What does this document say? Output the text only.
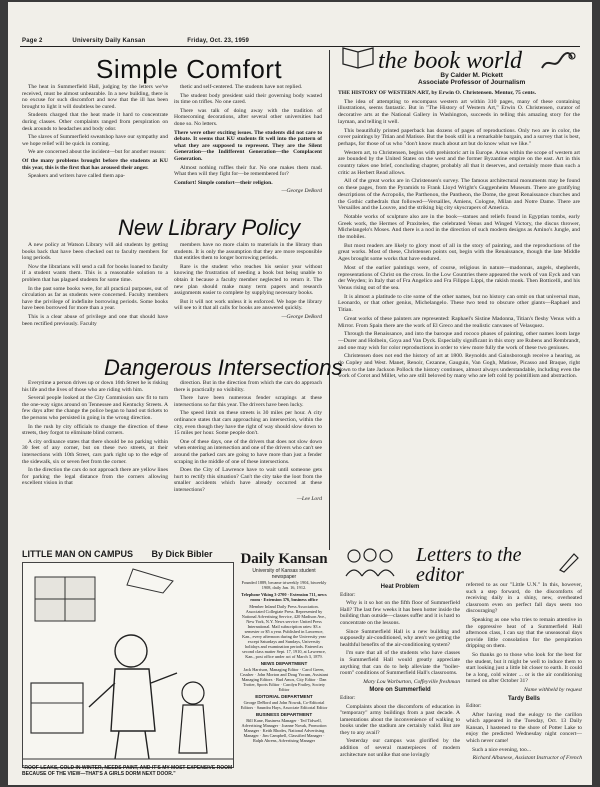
Page 2	University Daily Kansan	Friday, Oct. 23, 1959
Simple Comfort

The heat in Summerfield Hall, judging by the letters we've received, must be almost unbearable. In a new building, there is no excuse for such discomfort and now that the ill has been brought to light it will doubtless be cured.

Students charged that the heat made it hard to concentrate during classes. Other complaints ranged from perspiration on desk arounds to headaches and body odor.

The slaves of Summerfield sweatshop have our sympathy and we hope relief will be quick in coming.

We are concerned about the incident—but for another reason:

Of the many problems brought before the students at KU this year, this is the first that has aroused their anger.

Speakers and writers have called them apa-

thetic and self-centered. The students have not replied.

The student body president said their governing body wasted its time on trifles. No one cared.

There was talk of doing away with the tradition of Homecoming decorations, after several other universities had done so. No letters.

There were other exciting issues. The students did not care to debate. It seems that KU students fit well into the pattern of what they are supposed to represent. They are the Silent Generation—the Indifferent Generation—the Complacent Generation.

Almost nothing ruffles their fur. No one makes them mad. What then will they fight for—be remembered for?

Comfort! Simple comfort—their religion.

—George DeBord

New Library Policy

A new policy at Watson Library will aid students by getting books back that have been checked out to faculty members for long periods.

Now the librarians will send a call for books loaned to faculty if a student wants them. This is a reasonable solution to a problem that has plagued students for some time.

In the past some books were, for all practical purposes, out of circulation as far as students were concerned. Faculty members have the privilege of indefinite borrowing periods. Some books have been borrowed for more than a year.

This is a clear abuse of privilege and one that should have been rectified previously. Faculty

members have no more claim to materials in the library than students. It is only the assumption that they are more responsible that entitles them to longer borrowing periods.

Rare is the student who reaches his senior year without knowing the frustration of needing a book but being unable to obtain it because a faculty member neglected to return it. The new plan should make many term papers and research assignments easier to complete by supplying necessary books.

But it will not work unless it is enforced. We hope the library will see to it that all calls for books are answered quickly.

—George DeBord

Dangerous Intersections

Everytime a person drives up or down 16th Street he is risking his life and the lives of those who are riding with him.

Several people looked at the City Commission saw fit to turn the one-way signs around on Tennessee and Kentucky Streets. A few days after the change the police began to hand out tickets to the persons who persisted in going in the wrong direction.

In the rush by city officials to change the direction of these streets, they forgot to eliminate blind corners.

A city ordinance states that there should be no parking within 30 feet of any corner, but on these two streets, at their intersections with 10th Street, cars park right up to the edge of the sidewalk, six or seven feet from the corner.

In the direction the cars do not approach there are yellow lines for parking the legal distance from the corners allowing excellent vision in that

direction. But in the direction from which the cars do approach there is practically no visibility.

There have been numerous fender scrapings at these intersections so far this year. The drivers have been lucky.

The speed limit on these streets is 30 miles per hour. A city ordinance states that cars approaching an intersection, within the city, even though they have the right of way should slow down to 15 miles per hour. Some people don't.

One of these days, one of the drivers that does not slow down when entering an intersection and one of the drivers who can't see around the parked cars are going to have more than just a fender scraping in the middle of one of these intersections.

Does the City of Lawrence have to wait until someone gets hurt to rectify this situation? Can't the city take the loot from the smaller accidents which have already occurred at these intersections?

—Lee Lord

the book world
By Calder M. Pickett
Associate Professor of Journalism

THE HISTORY OF WESTERN ART, by Erwin O. Christensen. Mentor, 75 cents.

The idea of attempting to encompass western art within 310 pages, many of these containing illustrations, seems fantastic. But in "The History of Western Art," Erwin O. Christensen, curator of decorative arts at the National Gallery in Washington, succeeds in telling this amazing story for the layman, and telling it well.

This beautifully printed paperback has dozens of pages of reproductions. Only two are in color, the cover paintings by Titian and Matisse. But the book still is a remarkable bargain, and a survey that is best, perhaps, for those of us who "don't know much about art but do know what we like."

Western art, to Christensen, begins with prehistoric art in Europe. Areas within the scope of western art are bounded by the United States on the west and the former Byzantine empire on the east. Art in this country takes one brief, concluding chapter, probably all that it deserves, and certainly more than such a critic as Herbert Read allows.

All of the great works are in Christensen's survey. The famous architectural monuments may be found on these pages, from the Pyramids to Frank Lloyd Wright's Guggenheim Museum. There are gratifying descriptions of the Acropolis, the Parthenon, the Pantheon, the Dome, the great Renaissance churches and the Gothic cathedrals that followed—Versailles, Amiens, Cologne, Milan and Notre Dame. There are Versailles and the Louvre, and the striking big city skyscrapers of America.

Notable works of sculpture also are in the book—statues and reliefs found in Egyptian tombs, early Greek work, the Hermes of Praxiteles, the celebrated Venus and Winged Victory, the discus thrower, Michelangelo's Moses. And there is a nod in the direction of such modern designs as Amino's Jungle, and the mobiles.

But most readers are likely to glory most of all in the story of painting, and the reproductions of the great works. Most of these, Christensen points out, begin with the Renaissance, though the late Middle Ages brought some works that have endured.

Most of the earlier paintings were, of course, religious in nature—madonnas, angels, shepherds, representations of Christ on the cross. In the Low Countries there appeared the work of van Eyck and van der Weyden; in Italy that of Fra Angelico and Fra Filippo Lippi, the rakish monk. Then Botticelli, and his Venus rising out of the sea.

It is almost a platitude to cite some of the other names, but no history can omit on that universal man, Leonardo, or that other genius, Michelangelo. These two tend to obscure other giants—Raphael and Titian.

Great works of these painters are represented: Raphael's Sistine Madonna, Titian's fleshy Venus with a Mirror. From Spain there are the work of El Greco and the realistic canvases of Velasquez.

Through the Renaissance, and into the baroque and rococo phases of painting, other names loom large—Durer and Holbein, Goya and Van Dyck. Especially significant in this story are Rubens and Rembrandt, and one may wish for color reproductions in order to view more fully the work of these two geniuses.

Christensen does not end the history of art at 1800. Reynolds and Gainsborough receive a hearing, as do Copley and West. Manet, Renoir, Cezanne, Gauguin, Van Gogh, Matisse, Picasso and Braque, right down to the late Jackson Pollock the history continues, almost always understandable, including even the work of Corot and Millet, who are still beloved by many who are left cold by pointillism and abstraction.

LITTLE MAN ON CAMPUS By Dick Bibler
"ROOF LEAKS, COLD IN WINTER, NEEDS PAINT, AND IT'S MY MOST EXPENSIVE ROOM BECAUSE OF THE VIEW—THAT'S A GIRLS DORM NEXT DOOR."
Daily Kansan
University of Kansas student newspaper
Founded 1889, became triweekly 1904, biweekly 1908, daily Jan. 16, 1912.
Telephone Viking 3-2700 · Extension 711, news room · Extension 376, business office
Member Inland Daily Press Association. Associated Collegiate Press. Represented by National Advertising Service, 420 Madison Ave., New York, N.Y. News service: United Press International. Mail subscription rates: $3 a semester or $5 a year. Published in Lawrence, Kan., every afternoon during the University year except Saturdays and Sundays, University holidays and examination periods. Entered as second class matter Sept. 17, 1910, at Lawrence, Kan., post office under act of March 3, 1879.
NEWS DEPARTMENT
Jack Harrison, Managing Editor · Carol Green, Crusher · John Morton and Doug Yocum, Assistant Managing Editors · Bud Amos, City Editor · Dan Trotter, Sports Editor · Carolyn Frailey, Society Editor
EDITORIAL DEPARTMENT
George DeBord and John Nowak, Co-Editorial Editors · Saundra Hays, Associate Editorial Editor
BUSINESS DEPARTMENT
Bill Kane, Business Manager · Ted Tidwell, Advertising Manager · Joanne Novak, Promotion Manager · Keith Rhodes, National Advertising Manager · Jim Campbell, Classified Manager · Ralph Ahrens, Advertising Manager
Letters to the editor
Heat Problem

Editor:

Why is it so hot on the fifth floor of Summerfield Hall? The last few weeks it has been hotter inside the building than outside—classes suffer and it is hard to concentrate on the lessons.

Since Summerfield Hall is a new building and supposedly air-conditioned, why aren't we getting the healthful benefits of the air-conditioning system?

I'm sure that all of the students who have classes in Summerfield Hall would greatly appreciate anything that can do to help alleviate the "boiler-room" conditions of Summerfield Hall's classrooms.

Mary Lou Warburton, Coffeyville freshman

More on Summerfield

Editor:

Complaints about the discomforts of education in "temporary" army buildings from a past decade. A lamentations about the inconvenience of walking to books under the stadium are certainly valid. But are they to any avail?

Yesterday our campus was glorified by the addition of several masterpieces of modern architecture not unlike that one lovingly

referred to as our "Little U.N." In this, however, such a step forward, do the discomforts of receiving daily in a shiny, new, overheated classroom even on perfect fall days seem too discouraging?

Speaking as one who tries to remain attentive in the oppressive heat of a Summerfield Hall afternoon class, I can say that the unseasonal days provide little consolation for the perspiration dripping on them.

So thanks go to those who look for the best for the student, but it might be well to induce them to start looking just a little bit closer to earth. It could be a long, cold winter ... or is the air conditioning turned on after October 31?

Name withheld by request

Tardy Bells

Editor:

After having read the eulogy to the carillon which appeared in the Tuesday, Oct. 13 Daily Kansan, I hastened to the shore of Potter Lake to enjoy the predicted Wednesday night concert—which never came!

Such a nice evening, too...

Richard Albanese, Assistant Instructor of French
